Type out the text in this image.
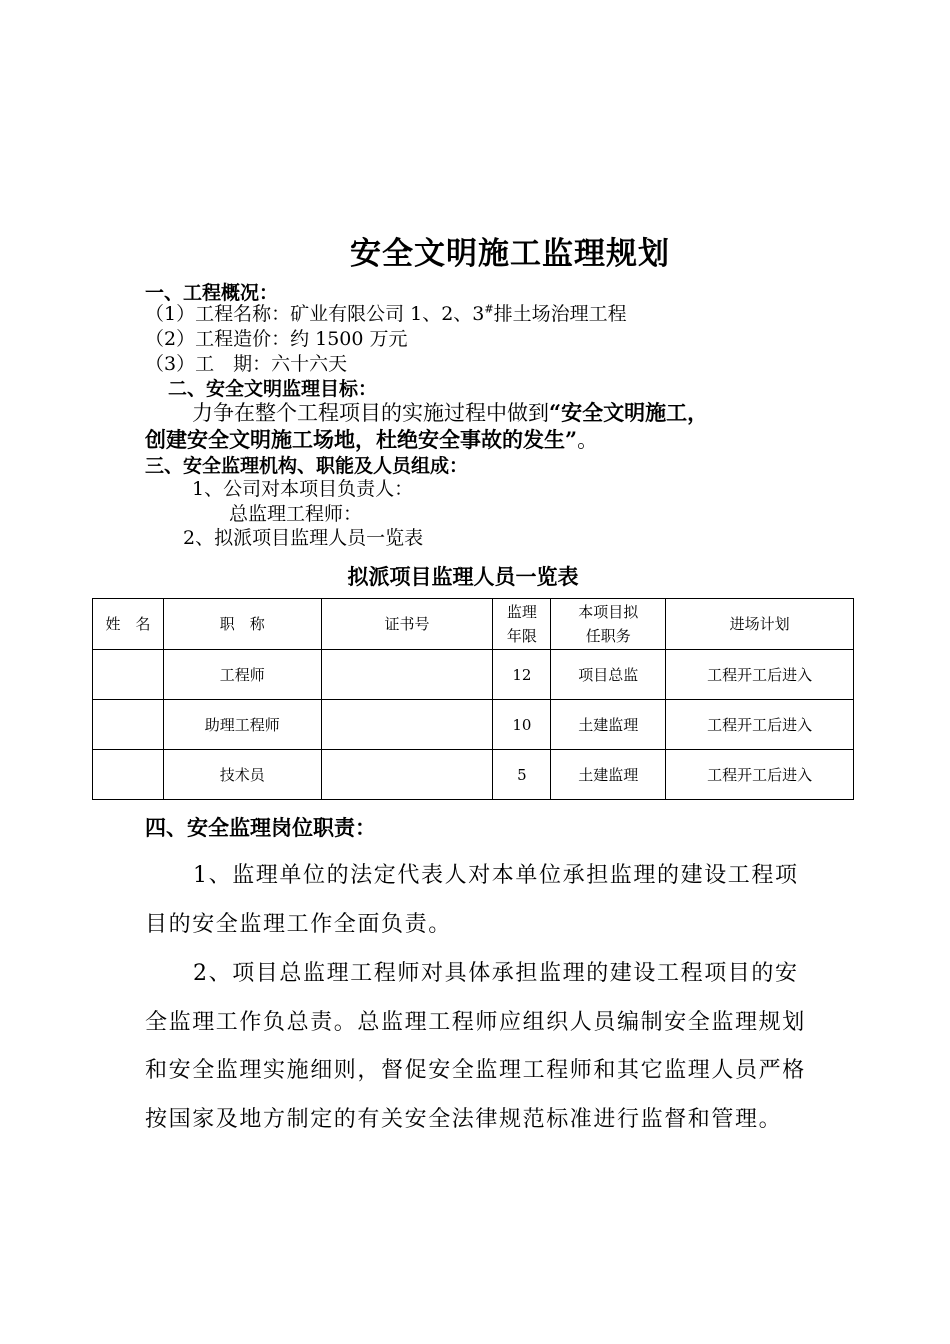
安全文明施工监理规划
一、工程概况：
（1）工程名称：矿业有限公司 1、2、3#排土场治理工程
（2）工程造价：约 1500 万元
（3）工　期：六十六天
二、安全文明监理目标：
力争在整个工程项目的实施过程中做到“安全文明施工，
创建安全文明施工场地，杜绝安全事故的发生”。
三、安全监理机构、职能及人员组成：
1、公司对本项目负责人：
总监理工程师：
2、拟派项目监理人员一览表
拟派项目监理人员一览表
姓　名	职　称	证书号	监理年限	本项目拟任职务	进场计划
	工程师		12	项目总监	工程开工后进入
	助理工程师		10	土建监理	工程开工后进入
	技术员		5	土建监理	工程开工后进入
四、安全监理岗位职责：
1、监理单位的法定代表人对本单位承担监理的建设工程项目的安全监理工作全面负责。
2、项目总监理工程师对具体承担监理的建设工程项目的安全监理工作负总责。总监理工程师应组织人员编制安全监理规划和安全监理实施细则，督促安全监理工程师和其它监理人员严格按国家及地方制定的有关安全法律规范标准进行监督和管理。
